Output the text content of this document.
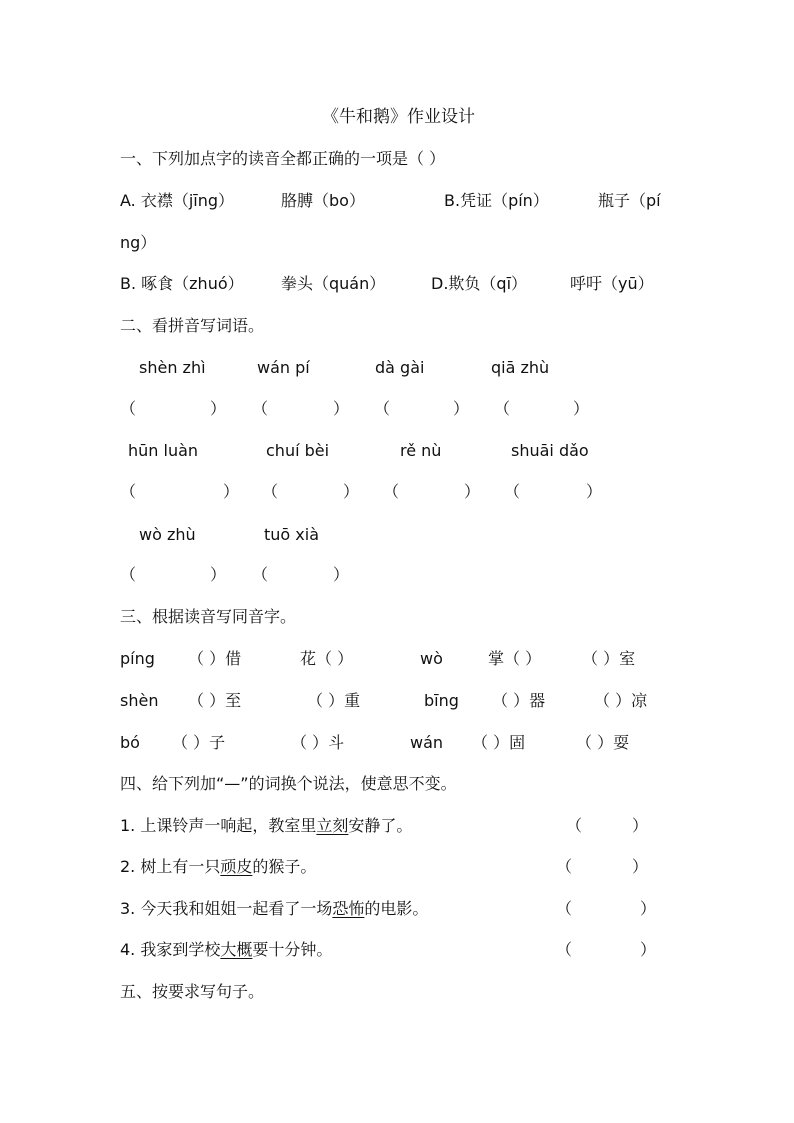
《牛和鹅》作业设计
一、下列加点字的读音全都正确的一项是（ ）
A. 衣襟（jīng）	胳膊（bo）	B.凭证（pín）	瓶子（pí
ng）
B. 啄食（zhuó） 拳头（quán）	D.欺负（qī）	呼吁（yū）
二、看拼音写词语。
shèn zhì	wán pí	dà gài	qiā zhù
（	） （	） （	） （	）
hūn luàn	chuí bèi	rě nù	shuāi dǎo
（	） （	） （	） （	）
wò zhù	tuō xià
（	） （	）
三、根据读音写同音字。
píng （ ）借	花（ ）	wò	掌（ ）	（ ）室
shèn （ ）至	（ ）重	bīng （ ）器	（ ）凉
bó （ ）子	（ ）斗	wán （ ）固	（ ）耍
四、给下列加“—”的词换个说法，使意思不变。
1. 上课铃声一响起，教室里立刻安静了。	（	）
2. 树上有一只顽皮的猴子。	（	）
3. 今天我和姐姐一起看了一场恐怖的电影。	（	）
4. 我家到学校大概要十分钟。	（	）
五、按要求写句子。
